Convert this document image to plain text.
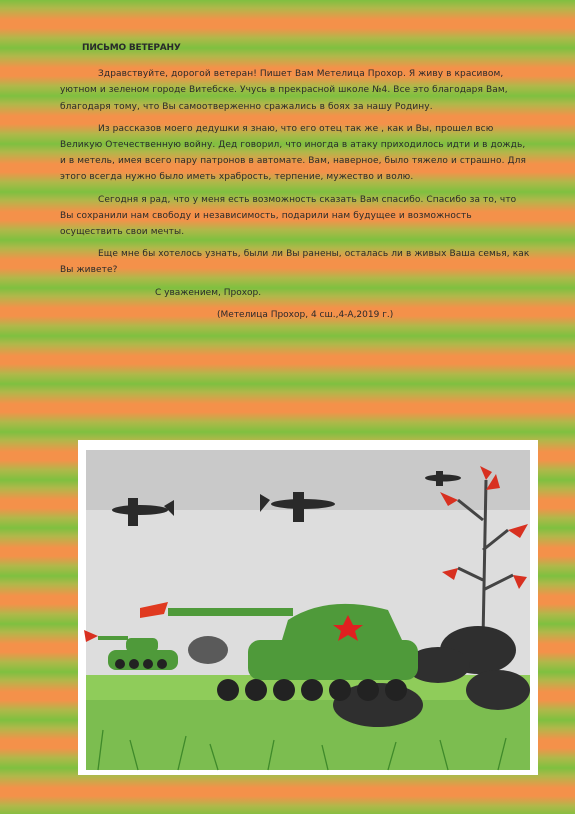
ПИСЬМО ВЕТЕРАНУ

Здравствуйте, дорогой ветеран! Пишет Вам Метелица Прохор. Я живу в красивом, уютном и зеленом городе Витебске. Учусь в прекрасной школе №4. Все это благодаря Вам, благодаря тому, что Вы самоотверженно сражались в боях за нашу Родину.

Из рассказов моего дедушки я знаю, что его отец так же , как и Вы, прошел всю Великую Отечественную войну. Дед говорил, что иногда в атаку приходилось идти и в дождь, и в метель, имея всего пару патронов в автомате. Вам, наверное, было тяжело и страшно. Для этого всегда нужно было иметь храбрость, терпение, мужество и волю.

Сегодня я рад, что у меня есть возможность сказать Вам спасибо. Спасибо за то, что Вы сохранили нам свободу и независимость, подарили нам будущее и возможность осуществить свои мечты.

Еще мне бы хотелось узнать, были ли Вы ранены, осталась ли в живых Ваша семья, как Вы живете?

С уважением, Прохор.
(Метелица Прохор, 4 сш.,4-А,2019 г.)
